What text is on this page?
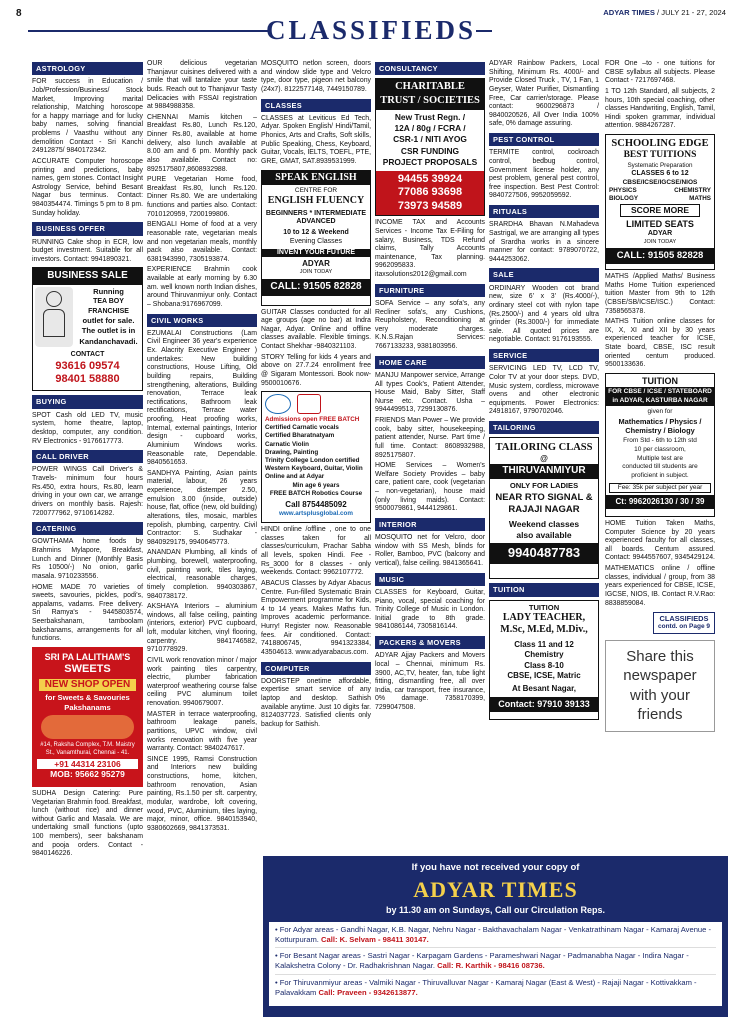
8
CLASSIFIEDS
ADYAR TIMES / JULY 21 - 27, 2024
ASTROLOGY
FOR success in Education / Job/Profession/Business/ Stock Market, Improving marital relationship, Matching horoscope for a happy marriage and for lucky baby names, solving financial problems / Vaasthu without any demolition Contact - Sri Kanchi 24912875/ 9840172342.
ACCURATE Computer horoscope printing and predictions, baby names, gem stones. Contact Insight Astrology Service, behind Besant Nagar bus terminus. Contact: 9840354474. Timings 5 pm to 8 pm. Sunday holiday.
BUSINESS OFFER
RUNNING Cake shop in ECR, low budget investment. Suitable for all investors. Contact: 9941890321.
BUSINESS SALE
Running
TEA BOY FRANCHISE
outlet for sale.
The outlet is in
Kandanchavadi.
CONTACT
93616 09574
98401 58880
BUYING
SPOT Cash old LED TV, music system, home theatre, laptop, desktop, computer, any condition. RV Electronics - 9176617773.
CALL DRIVER
POWER WINGS Call Driver's & Travels- minimum four hours Rs.450, extra hours, Rs.80, learn driving in your own car, we arrange drivers on monthly basis. Rajesh: 7200777962, 9710614282.
CATERING
GOWTHAMA home foods by Brahmins Mylapore, Breakfast, Lunch and Dinner (Monthly Basis Rs 10500/-) No onion, garlic masala. 9710233556.
HOME MADE 70 varieties of sweets, savouries, pickles, podi's, appalams, vadams. Free delivery. Sri Ramya's - 9445803574, Seerbakshanam, tamboolam bakshanams, arrangements for all functions.
SRI PA LALITHAM'S
SWEETS
NEW SHOP OPEN
for Sweets & Savouries
Pakshanams
#14, Raksha Complex, T.M. Maistry St., Vanamthurai, Chennai - 41.
+91 44314 23106
MOB: 95662 95279
SUDHA Design Catering: Pure Vegetarian Brahmin food. Breakfast, lunch (without rice) and dinner without Garlic and Masala. We are undertaking small functions (upto 100 members), seer bakshanam and pooja orders. Contact - 9840146226.
OUR delicious vegetarian Thanjavur cuisines delivered with a smile that will tantalize your taste buds. Reach out to Thanjavur Tasty Delicacies with FSSAI registration at 9884988358.
CHENNAI Mamis kitchen – Breakfast Rs.80, Lunch Rs.120, Dinner Rs.80, available at home delivery, also lunch available at 8.00 am and 6 pm. Monthly pack also available. Contact no: 8925175807,8608932988.
PURE Vegetarian Home food, Breakfast Rs.80, lunch Rs.120. Dinner Rs.80. We are undertaking functions and parties also. Contact: 7010120959, 7200199806.
BENGALI Home of food at a very reasonable rate, vegetarian meals and non vegetarian meals, monthly pack also available. Contact: 6381943990, 7305193874.
EXPERIENCE Brahmin cook available at early morning by 6.30 am. well known north Indian dishes, around Thiruvanmiyur only. Contact – Shobana:9176967099.
CIVIL WORKS
EZUMALAI Constructions (Lam Civil Engineer 36 year's experience Ex. Alacrity Executive Engineer ) undertakes: New building constructions, House Lifting, Old building repairs, Building strengthening, alterations, Building renovation, Terrace leak rectifications, Bathroom leak rectifications, Terrace water proofing, Heat proofing works, Internal, external paintings, Interior design - cupboard works, Aluminium Windows works. Reasonable rate, Dependable. 9840561653.
SANDHYA Painting, Asian paints material, labour, 26 years experience, distemper 2.50, emulsion 3.00 (inside, outside) house, flat, office (new, old building) alterations, tiles, mosaic, marbles repolish, plumbing, carpentry. Civil Contractor: S. Sudhakar - 9840929175, 9940645773.
ANANDAN Plumbing, all kinds of plumbing, borewell, waterproofing, civil, painting work, tiles laying, electrical, reasonable charges, timely completion. 9940303867, 9840738172.
AKSHAYA Interiors – aluminium windows, all false ceiling, painting (interiors, exterior) PVC cupboard, loft, modular kitchen, vinyl flooring, carpentry. 9841746582, 9710778929.
CIVIL work renovation minor / major work painting tiles carpentry, electric, plumber fabrication waterproof weathering course false ceiling PVC aluminum toilet renovation. 9940679007.
MASTER in terrace waterproofing, bathroom leakage panels, partitions, UPVC window, civil works renovation with five year warranty. Contact: 9840247617.
SINCE 1995, Ramsi Construction and Interiors new building constructions, home, kitchen, bathroom renovation, Asian painting, Rs.1.50 per sft. carpentry, modular, wardrobe, loft covering, wood, PVC, Aluminium, tiles laying, major, minor, office. 9840153940, 9380602669, 9841373531.
MOSQUITO netlon screen, doors and window slide type and Velcro type, door type, pigeon net balcony (24x7). 8122577148, 7449150789.
CLASSES
CLASSES at Leviticus Ed Tech, Adyar. Spoken English/ Hindi/Tamil, Phonics, Arts and Crafts, Soft skills, Public Speaking, Chess, Keyboard, Guitar, Vocals, IELTS, TOEFL, PTE, GRE, GMAT, SAT.8939531999.
SPEAK ENGLISH
CENTRE FOR
ENGLISH FLUENCY
BEGINNERS * INTERMEDIATE
ADVANCED
10 to 12 & Weekend
Evening Classes
INVENT YOUR FUTURE
ADYAR
JOIN TODAY
CALL: 91505 82828
GUITAR Classes conducted for all age groups (age no bar) at Indra Nagar, Adyar. Online and offline classes available. Flexible timings. Contact Shekhar -9840321103.
STORY Telling for kids 4 years and above on 27.7.24 enrollment free @ Sigaram Montessori. Book now- 9500010676.
Admissions open FREE BATCH
Certified Carnatic vocals
Certified Bharatnatyam
Carnatic Violin
Drawing, Painting
Trinity College London certified
Western Keyboard, Guitar, Violin
Online and at Adyar
Min age 6 years
FREE BATCH Robotics Course
Call 8754485092
www.artsplusglobal.com
HINDI online /offline , one to one classes taken for all classes/curriculum, Prachar Sabha all levels, spoken Hindi. Fee - Rs_3000 for 8 classes - only weekends. Contact: 9962107772.
ABACUS Classes by Adyar Abacus Centre. Fun-filled Systematic Brain Empowerment programme for Kids, 4 to 14 years. Makes Maths fun. Improves academic performance. Hurry! Register now. Reasonable fees. Air conditioned. Contact: 7418806745, 9941323384, 43504613. www.adyarabacus.com.
COMPUTER
DOORSTEP onetime affordable, expertise smart service of any laptop and desktop. Sathish available anytime. Just 10 digits far. 8124037723. Satisfied clients only backup for Sathish.
CONSULTANCY
CHARITABLE
TRUST / SOCIETIES
New Trust Regn. /
12A / 80g / FCRA /
CSR-1 / NITI AYOG
CSR FUNDING
PROJECT PROPOSALS
94455 39924
77086 93698
73973 94589
INCOME TAX and Accounts Services - Income Tax E-Filing for salary, Business, TDS Refund claims, Tally Accounts maintenance, Tax planning. 9962095833. itaxsolutions2012@gmail.com
FURNITURE
SOFA Service – any sofa's, any Recliner sofa's, any Cushions, Reupholstery, Reconditioning at very moderate charges. K.N.S.Rajan Services: 7667133233, 9381803956.
HOME CARE
MANJU Manpower service, Arrange All types Cook's, Patient Attender, House Maid, Baby Sitter, Staff Nurse etc. Contact. Usha – 9944499513, 7299130876.
FRIENDS Man Power – We provide cook, baby sitter, housekeeping, patient attender, Nurse. Part time / full time. Contact: 8608932988, 8925175807.
HOME Services – Women's Welfare Society Provides – baby care, patient care, cook (vegetarian – non-vegetarian), house maid (only living maids). Contact: 9500079861, 9444129861.
INTERIOR
MOSQUITO net for Velcro, door window with SS Mesh, blinds for Roller, Bamboo, PVC (balcony and vertical), false ceiling. 9841365641.
MUSIC
CLASSES for Keyboard, Guitar, Piano, vocal, special coaching for Trinity College of Music in London. Initial grade to 8th grade. 9841086144, 7305816144.
PACKERS & MOVERS
ADYAR Ajjay Packers and Movers local – Chennai, minimum Rs. 3900, AC,TV, heater, fan, tube light fitting, dismantling free, all over India, car transport, free insurance, 0% damage. 7358170399, 7299047508.
ADYAR Rainbow Packers, Local Shifting, Minimum Rs. 4000/- and Provide Closed Truck , TV, 1 Fan, 1 Geyser, Water Purifier, Dismantling Free, Car carrier/storage. Please contact: 9600296873 / 9840020526, All Over India 100% safe, 0% damage assuring.
PEST CONTROL
TERMITE control, cockroach control, bedbug control, Government license holder, any pest problem, general pest control, free inspection. Best Pest Control: 9840727506, 9952059592.
RITUALS
SRARDHA Bhavan N.Mahadeva Sastrigal, we are arranging all types of Srardha works in a sincere manner for contact: 9789070722, 9444253062.
SALE
ORDINARY Wooden cot brand new, size 6' x 3' (Rs.4000/-), ordinary steel cot with nylon tape (Rs.2500/-) and 4 years old ultra grinder (Rs.3000/-) for immediate sale. All quoted prices are negotiable. Contact: 9176193555.
SERVICE
SERVICING LED TV, LCD TV, Color TV at your door steps. DVD, Music system, cordless, microwave ovens and other electronic equipments. Power Electronics: 24918167, 9790702046.
TAILORING
TAILORING CLASS
@
THIRUVANMIYUR
ONLY FOR LADIES
NEAR RTO SIGNAL &
RAJAJI NAGAR
Weekend classes
also available
9940487783
TUITION
TUITION
LADY TEACHER,
M.Sc, M.Ed, M.Div.,
Class 11 and 12
Chemistry
Class 8-10
CBSE, ICSE, Matric
At Besant Nagar,
Contact: 97910 39133
FOR One –to - one tuitions for CBSE syllabus all subjects. Please Contact - 7217697468.
1 TO 12th Standard, all subjects, 2 hours, 10th special coaching, other classes Handwriting, English, Tamil, Hindi spoken grammar, individual attention. 9884267287.
SCHOOLING EDGE
BEST TUITIONS
Systematic Preparation
CLASSES 6 to 12
CBSE/ICSE/IGCSE/NIOS
PHYSICS	CHEMISTRY
BIOLOGY	MATHS
SCORE MORE
LIMITED SEATS
ADYAR
JOIN TODAY
CALL: 91505 82828
MATHS /Applied Maths/ Business Maths Home Tuition experienced tuition Master from 9th to 12th (CBSE/SB/ICSE/ISC.) Contact: 7358565378.
MATHS Tuition online classes for IX, X, XI and XII by 30 years experienced teacher for ICSE, State board, CBSE, ISC result oriented centum produced. 9500133636.
TUITION
FOR CBSE / ICSE / STATEBOARD
in ADYAR, KASTURBA NAGAR
given for
Mathematics / Physics /
Chemistry / Biology
From Std - 6th to 12th std
10 per classroom,
Multiple test are
conducted till students are
proficient in subject.
Fee: 35k per subject per year
Ct: 9962026130 / 30 / 39
HOME Tuition Taken Maths, Computer Science by 20 years experienced faculty for all classes, all boards. Centum assured. Contact: 9944557607, 9345429124.
MATHEMATICS online / offline classes, individual / group, from 38 years experienced for CBSE, ICSE, IGCSE, NIOS, IB. Contact R.V.Rao: 8838859084.
CLASSIFIEDS
contd. on Page 9
Share this newspaper with your friends
If you have not received your copy of
ADYAR TIMES
by 11.30 am on Sundays, Call our Circulation Reps.
• For Adyar areas - Gandhi Nagar, K.B. Nagar, Nehru Nagar - Bakthavachalam Nagar - Venkatrathinam Nagar - Kamaraj Avenue - Kotturpuram. Call: K. Selvam - 98411 30147.
• For Besant Nagar areas - Sastri Nagar - Karpagam Gardens - Parameshwari Nagar - Padmanabha Nagar - Indira Nagar - Kalakshetra Colony - Dr. Radhakrishnan Nagar. Call: R. Karthik - 98416 08736.
• For Thiruvanmiyur areas - Valmiki Nagar - Thiruvalluvar Nagar - Kamaraj Nagar (East & West) - Rajaji Nagar - Kottivakkam - Palavakkam Call: Praveen - 9342613877.
